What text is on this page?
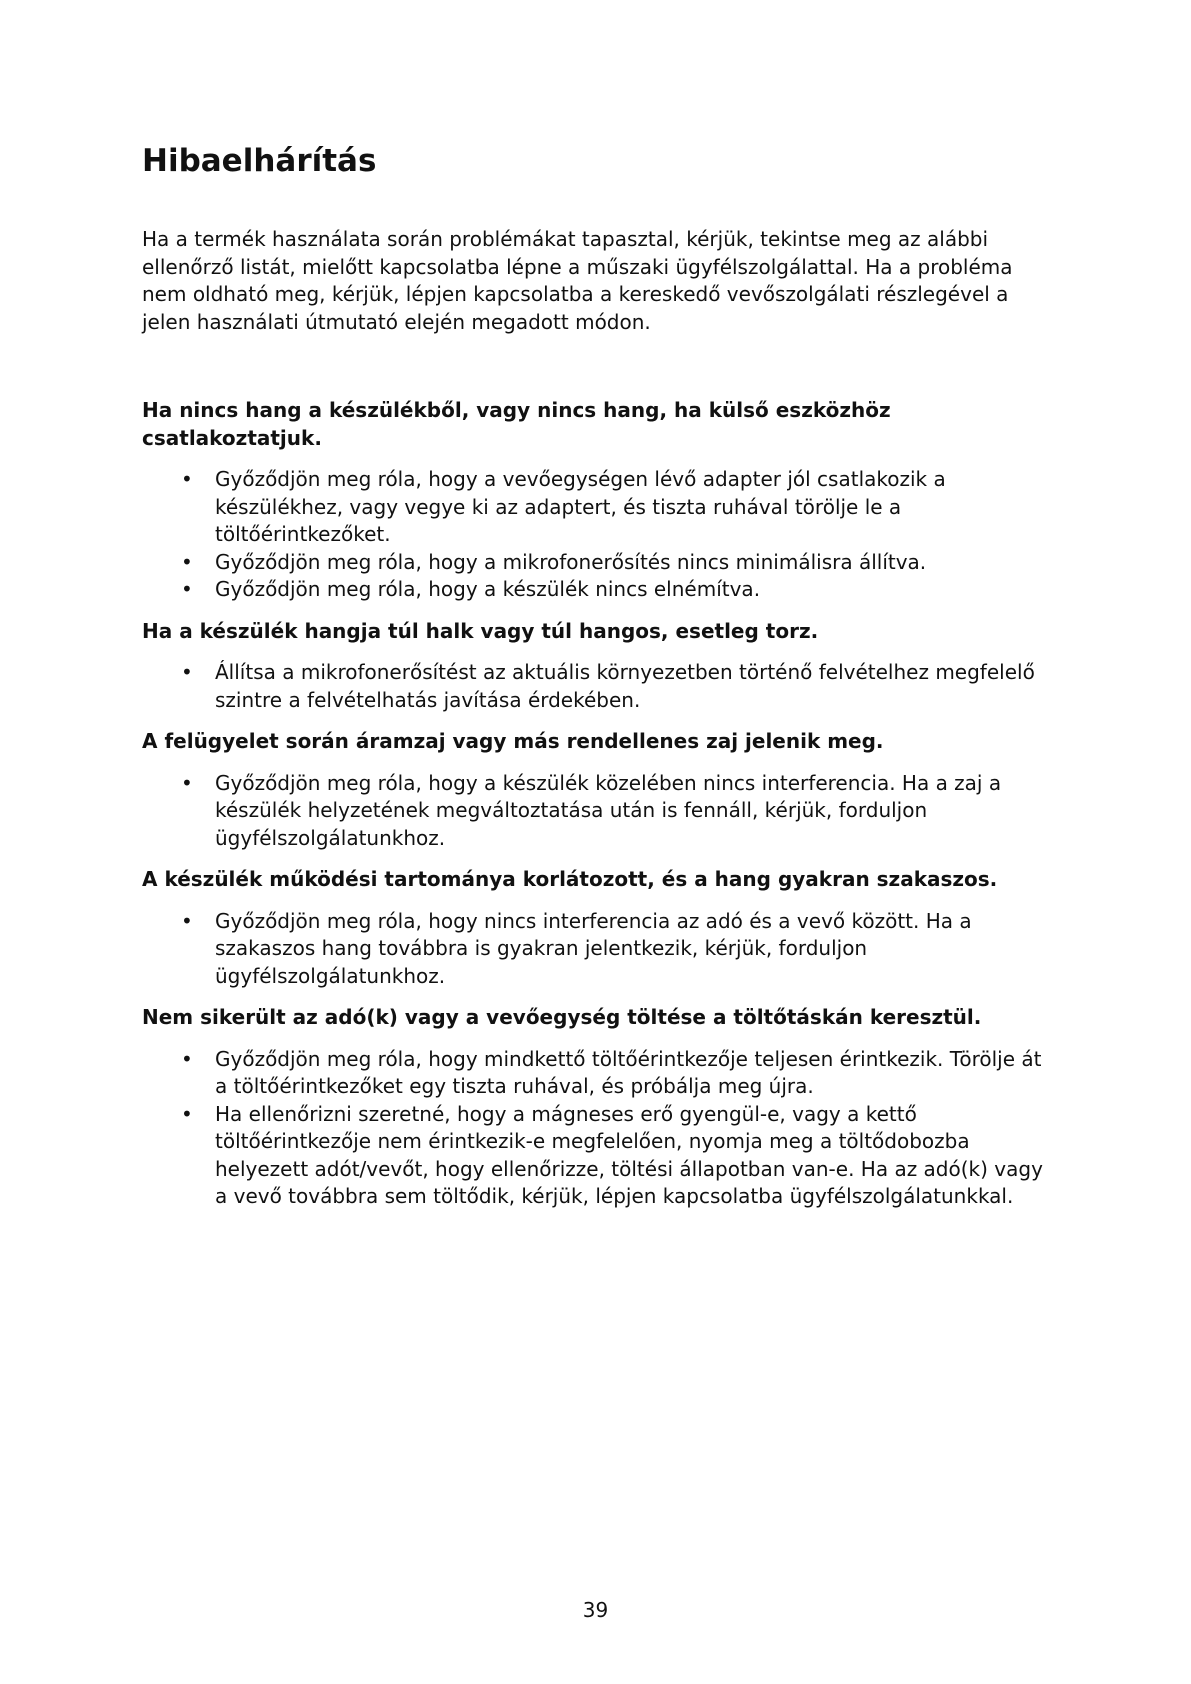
Hibaelhárítás

Ha a termék használata során problémákat tapasztal, kérjük, tekintse meg az alábbi ellenőrző listát, mielőtt kapcsolatba lépne a műszaki ügyfélszolgálattal. Ha a probléma nem oldható meg, kérjük, lépjen kapcsolatba a kereskedő vevőszolgálati részlegével a jelen használati útmutató elején megadott módon.

Ha nincs hang a készülékből, vagy nincs hang, ha külső eszközhöz csatlakoztatjuk.

• Győződjön meg róla, hogy a vevőegységen lévő adapter jól csatlakozik a készülékhez, vagy vegye ki az adaptert, és tiszta ruhával törölje le a töltőérintkezőket.
• Győződjön meg róla, hogy a mikrofonerősítés nincs minimálisra állítva.
• Győződjön meg róla, hogy a készülék nincs elnémítva.

Ha a készülék hangja túl halk vagy túl hangos, esetleg torz.

• Állítsa a mikrofonerősítést az aktuális környezetben történő felvételhez megfelelő szintre a felvételhatás javítása érdekében.

A felügyelet során áramzaj vagy más rendellenes zaj jelenik meg.

• Győződjön meg róla, hogy a készülék közelében nincs interferencia. Ha a zaj a készülék helyzetének megváltoztatása után is fennáll, kérjük, forduljon ügyfélszolgálatunkhoz.

A készülék működési tartománya korlátozott, és a hang gyakran szakaszos.

• Győződjön meg róla, hogy nincs interferencia az adó és a vevő között. Ha a szakaszos hang továbbra is gyakran jelentkezik, kérjük, forduljon ügyfélszolgálatunkhoz.

Nem sikerült az adó(k) vagy a vevőegység töltése a töltőtáskán keresztül.

• Győződjön meg róla, hogy mindkettő töltőérintkezője teljesen érintkezik. Törölje át a töltőérintkezőket egy tiszta ruhával, és próbálja meg újra.
• Ha ellenőrizni szeretné, hogy a mágneses erő gyengül-e, vagy a kettő töltőérintkezője nem érintkezik-e megfelelően, nyomja meg a töltődobozba helyezett adót/vevőt, hogy ellenőrizze, töltési állapotban van-e. Ha az adó(k) vagy a vevő továbbra sem töltődik, kérjük, lépjen kapcsolatba ügyfélszolgálatunkkal.
39
